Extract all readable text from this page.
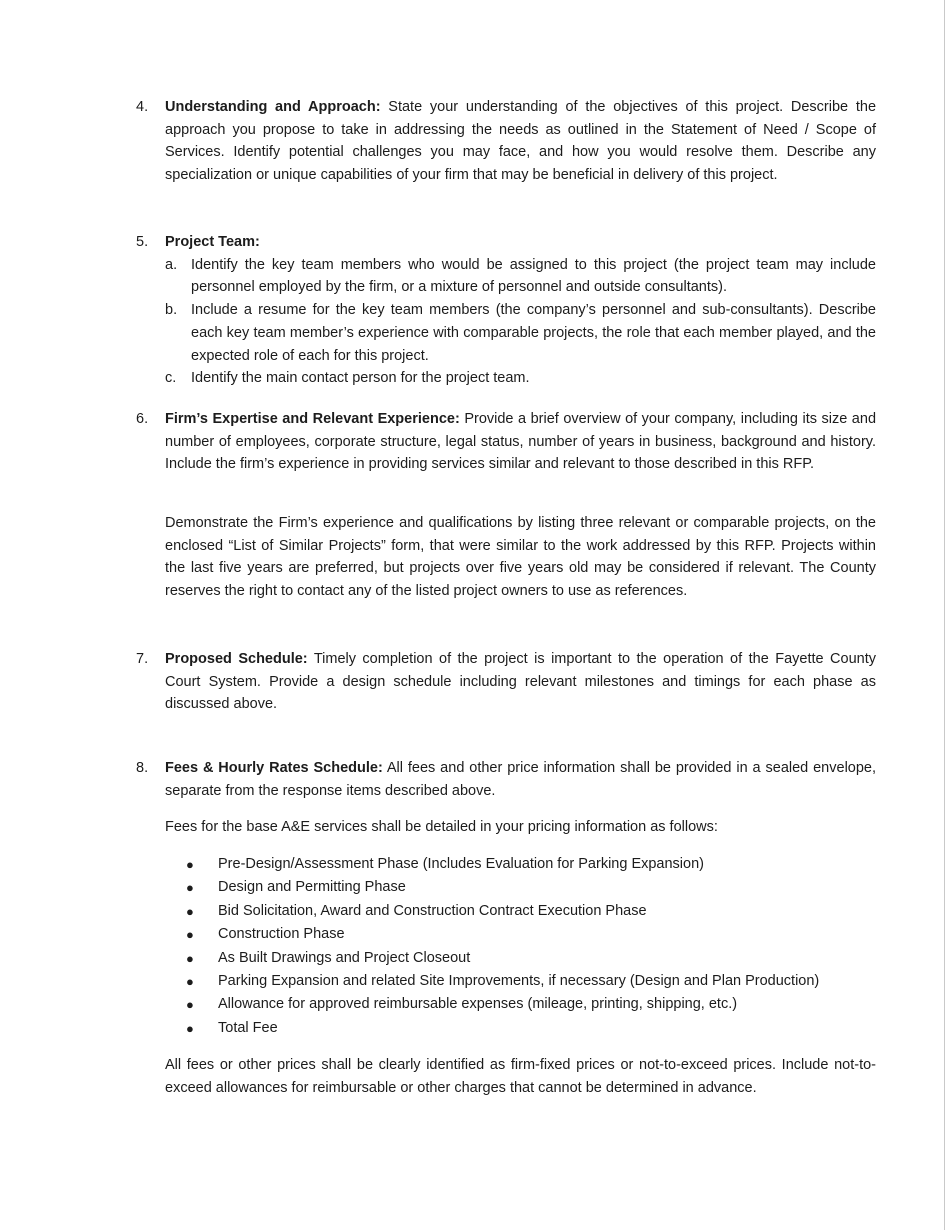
4.	Understanding and Approach: State your understanding of the objectives of this project. Describe the approach you propose to take in addressing the needs as outlined in the Statement of Need / Scope of Services. Identify potential challenges you may face, and how you would resolve them. Describe any specialization or unique capabilities of your firm that may be beneficial in delivery of this project.
5.	Project Team:
a. Identify the key team members who would be assigned to this project (the project team may include personnel employed by the firm, or a mixture of personnel and outside consultants).
b. Include a resume for the key team members (the company’s personnel and sub-consultants). Describe each key team member’s experience with comparable projects, the role that each member played, and the expected role of each for this project.
c. Identify the main contact person for the project team.
6.	Firm’s Expertise and Relevant Experience: Provide a brief overview of your company, including its size and number of employees, corporate structure, legal status, number of years in business, background and history. Include the firm’s experience in providing services similar and relevant to those described in this RFP.
Demonstrate the Firm’s experience and qualifications by listing three relevant or comparable projects, on the enclosed “List of Similar Projects” form, that were similar to the work addressed by this RFP. Projects within the last five years are preferred, but projects over five years old may be considered if relevant. The County reserves the right to contact any of the listed project owners to use as references.
7.	Proposed Schedule: Timely completion of the project is important to the operation of the Fayette County Court System. Provide a design schedule including relevant milestones and timings for each phase as discussed above.
8.	Fees & Hourly Rates Schedule: All fees and other price information shall be provided in a sealed envelope, separate from the response items described above.
Fees for the base A&E services shall be detailed in your pricing information as follows:
● Pre-Design/Assessment Phase (Includes Evaluation for Parking Expansion)
● Design and Permitting Phase
● Bid Solicitation, Award and Construction Contract Execution Phase
● Construction Phase
● As Built Drawings and Project Closeout
● Parking Expansion and related Site Improvements, if necessary (Design and Plan Production)
● Allowance for approved reimbursable expenses (mileage, printing, shipping, etc.)
● Total Fee
All fees or other prices shall be clearly identified as firm-fixed prices or not-to-exceed prices. Include not-to-exceed allowances for reimbursable or other charges that cannot be determined in advance.
